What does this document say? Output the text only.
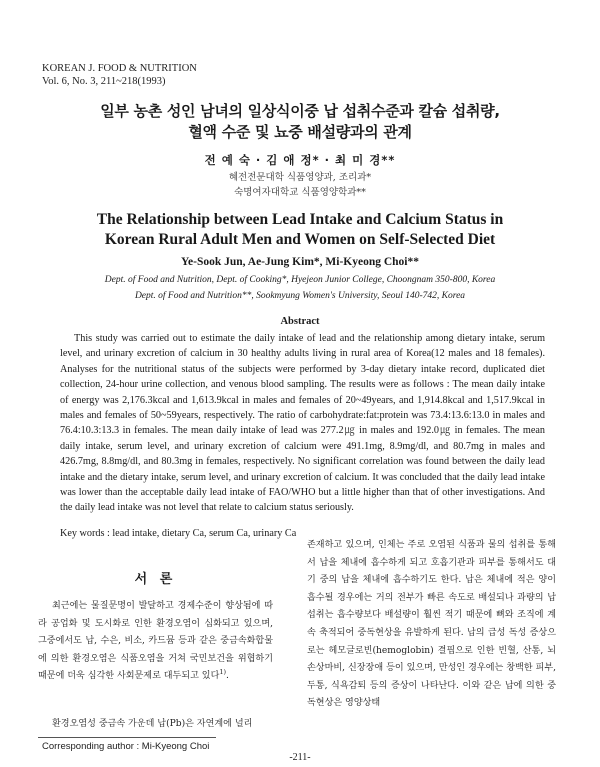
KOREAN J. FOOD & NUTRITION
Vol. 6, No. 3, 211~218(1993)
일부 농촌 성인 남녀의 일상식이중 납 섭취수준과 칼슘 섭취량,
혈액 수준 및 뇨중 배설량과의 관계
전 예 숙 · 김 애 정* · 최 미 경**
혜전전문대학 식품영양과, 조리과*
숙명여자대학교 식품영양학과**
The Relationship between Lead Intake and Calcium Status in
Korean Rural Adult Men and Women on Self-Selected Diet
Ye-Sook Jun, Ae-Jung Kim*, Mi-Kyeong Choi**
Dept. of Food and Nutrition, Dept. of Cooking*, Hyejeon Junior College, Choongnam 350-800, Korea
Dept. of Food and Nutrition**, Sookmyung Women's University, Seoul 140-742, Korea
Abstract

This study was carried out to estimate the daily intake of lead and the relationship among dietary intake, serum level, and urinary excretion of calcium in 30 healthy adults living in rural area of Korea(12 males and 18 females). Analyses for the nutritional status of the subjects were performed by 3-day dietary intake record, duplicated diet collection, 24-hour urine collection, and venous blood sampling. The results were as follows : The mean daily intake of energy was 2,176.3kcal and 1,613.9kcal in males and females of 20~49years, and 1,914.8kcal and 1,517.9kcal in males and females of 50~59years, respectively. The ratio of carbohydrate:fat:protein was 73.4:13.6:13.0 in males and 76.4:10.3:13.3 in females. The mean daily intake of lead was 277.2㎍ in males and 192.0㎍ in females. The mean daily intake, serum level, and urinary excretion of calcium were 491.1mg, 8.9mg/dl, and 80.7mg in males and 426.7mg, 8.8mg/dl, and 80.3mg in females, respectively. No significant correlation was found between the daily lead intake and the dietary intake, serum level, and urinary excretion of calcium. It was concluded that the daily lead intake was lower than the acceptable daily lead intake of FAO/WHO but a little higher than that of other investigations. And the daily lead intake was not level that relate to calcium status seriously.

Key words : lead intake, dietary Ca, serum Ca, urinary Ca
서 론

최근에는 물질문명이 발달하고 경제수준이 향상됨에 따라 공업화 및 도시화로 인한 환경오염이 심화되고 있으며, 그중에서도 납, 수은, 비소, 카드뮴 등과 같은 중금속화합물에 의한 환경오염은 식품오염을 거쳐 국민보건을 위협하기 때문에 더욱 심각한 사회문제로 대두되고 있다$^{1)}$.

환경오염성 중금속 가운데 납(Pb)은 자연계에 널리

존재하고 있으며, 인체는 주로 오염된 식품과 물의 섭취를 통해서 납을 체내에 흡수하게 되고 호흡기관과 피부를 통해서도 대기 중의 납을 체내에 흡수하기도 한다. 납은 체내에 적은 양이 흡수될 경우에는 거의 전부가 빠른 속도로 배설되나 과량의 납 섭취는 흡수량보다 배설량이 훨씬 적기 때문에 뼈와 조직에 계속 축적되어 중독현상을 유발하게 된다. 납의 급성 독성 증상으로는 헤모글로빈(hemoglobin) 결핍으로 인한 빈혈, 산통, 뇌 손상마비, 신장장애 등이 있으며, 만성인 경우에는 창백한 피부, 두통, 식욕감퇴 등의 증상이 나타난다. 이와 같은 납에 의한 중독현상은 영양상태

Corresponding author : Mi-Kyeong Choi
-211-
